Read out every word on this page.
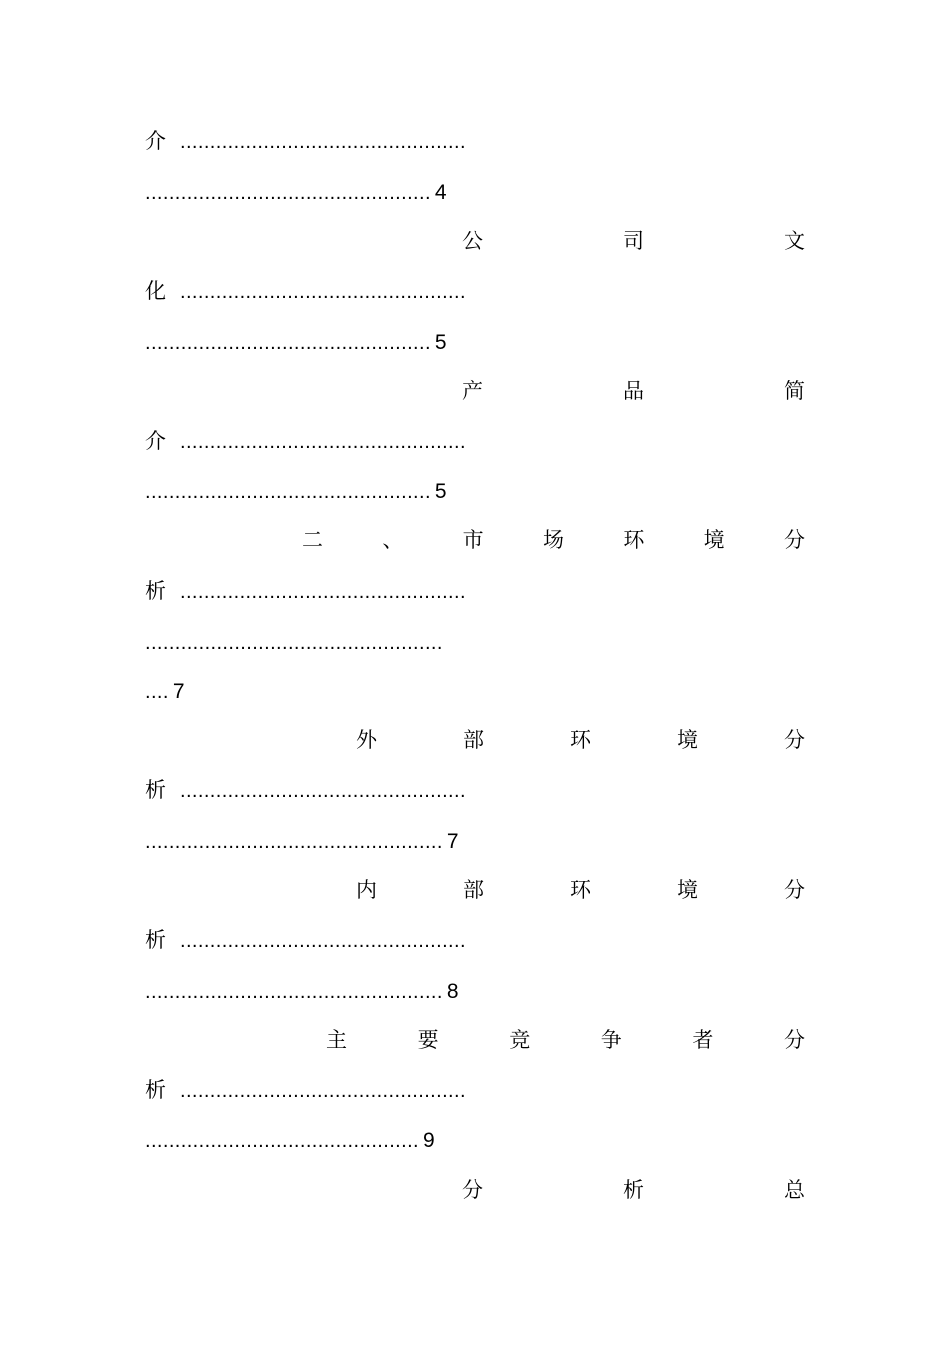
介 ................................................
................................................ 4
公	司	文
化 ................................................
................................................ 5
产	品	简
介 ................................................
................................................ 5
二	、	市	场	环	境	分
析 ................................................
..................................................
.... 7
外	部	环	境	分
析 ................................................
.................................................. 7
内	部	环	境	分
析 ................................................
.................................................. 8
主	要	竞	争	者	分
析 ................................................
.............................................. 9
分	析	总
